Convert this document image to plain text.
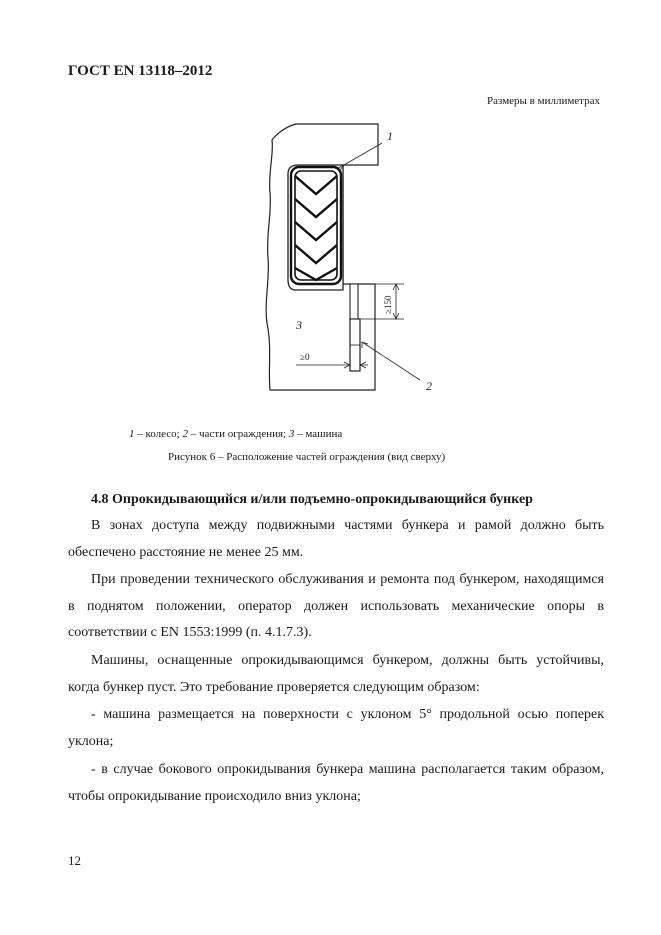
ГОСТ EN 13118–2012
Размеры в миллиметрах
≥150
≥0
1
2
3
1 – колесо; 2 – части ограждения; 3 – машина
Рисунок 6 – Расположение частей ограждения (вид сверху)
4.8 Опрокидывающийся и/или подъемно-опрокидывающийся бункер

В зонах доступа между подвижными частями бункера и рамой должно быть обеспечено расстояние не менее 25 мм.

При проведении технического обслуживания и ремонта под бункером, находящимся в поднятом положении, оператор должен использовать механические опоры в соответствии с EN 1553:1999 (п. 4.1.7.3).

Машины, оснащенные опрокидывающимся бункером, должны быть устойчивы, когда бункер пуст. Это требование проверяется следующим образом:

- машина размещается на поверхности с уклоном 5° продольной осью поперек уклона;

- в случае бокового опрокидывания бункера машина располагается таким образом, чтобы опрокидывание происходило вниз уклона;

12
